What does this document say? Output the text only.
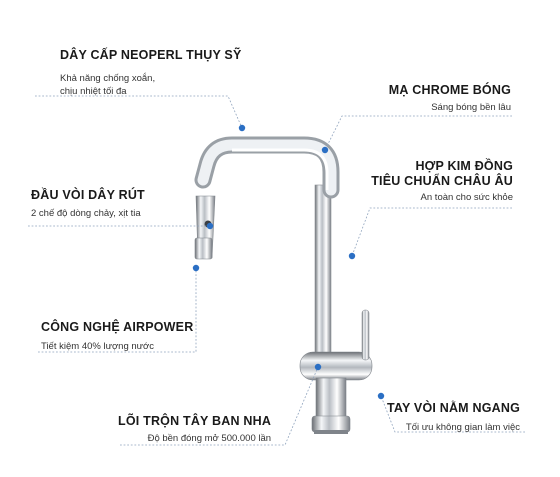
DÂY CẤP NEOPERL THỤY SỸ
Khả năng chống xoắn,
chịu nhiệt tối đa	MẠ CHROME BÓNG
Sáng bóng bền lâu
HỢP KIM ĐỒNG
TIÊU CHUẨN CHÂU ÂU
An toàn cho sức khỏe
ĐẦU VÒI DÂY RÚT
2 chế độ dòng chảy, xịt tia
CÔNG NGHỆ AIRPOWER
Tiết kiệm 40% lượng nước
TAY VÒI NẰM NGANG
Tối ưu không gian làm việc
LÕI TRỘN TÂY BAN NHA
Độ bền đóng mở 500.000 lần
